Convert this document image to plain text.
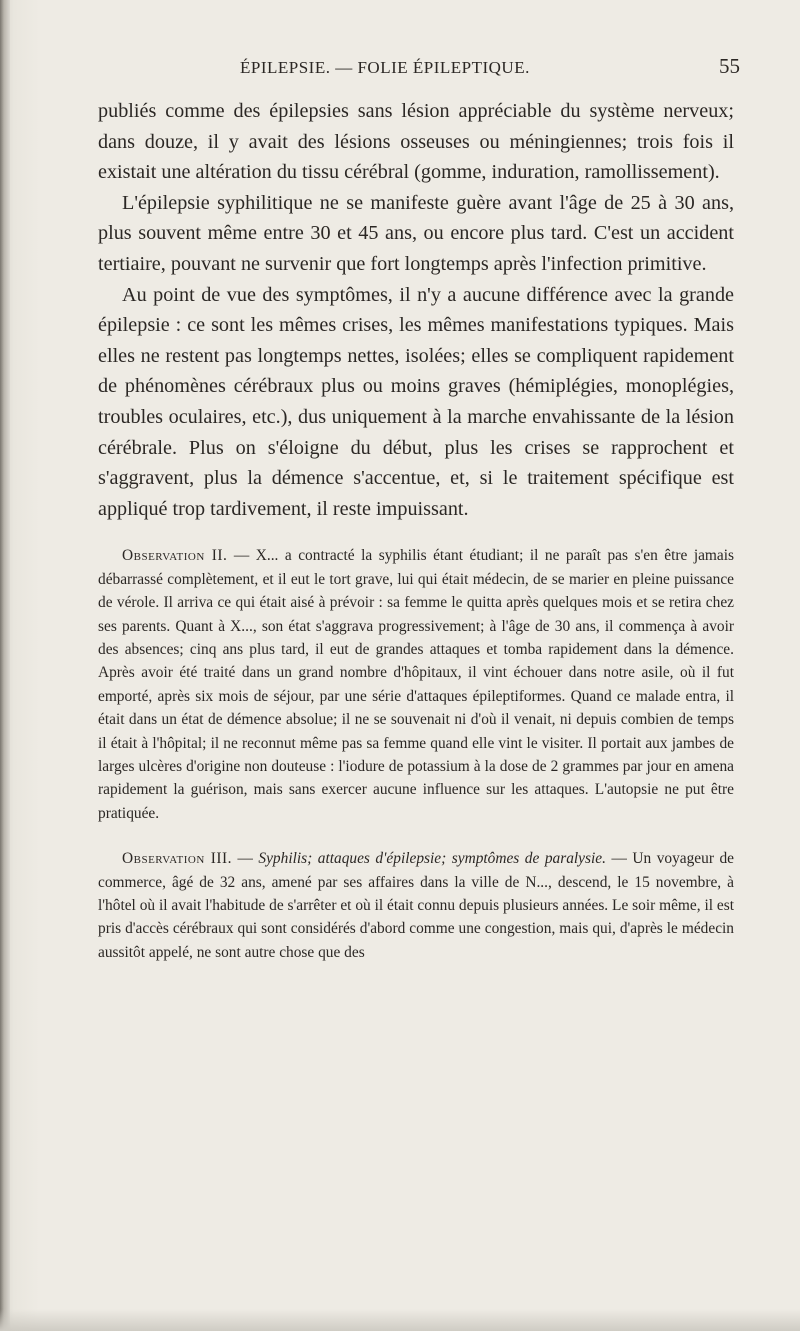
ÉPILEPSIE. — FOLIE ÉPILEPTIQUE.	55

publiés comme des épilepsies sans lésion appréciable du système nerveux; dans douze, il y avait des lésions osseuses ou méningiennes; trois fois il existait une altération du tissu cérébral (gomme, induration, ramollissement).

L'épilepsie syphilitique ne se manifeste guère avant l'âge de 25 à 30 ans, plus souvent même entre 30 et 45 ans, ou encore plus tard. C'est un accident tertiaire, pouvant ne survenir que fort longtemps après l'infection primitive.

Au point de vue des symptômes, il n'y a aucune différence avec la grande épilepsie : ce sont les mêmes crises, les mêmes manifestations typiques. Mais elles ne restent pas longtemps nettes, isolées; elles se compliquent rapidement de phénomènes cérébraux plus ou moins graves (hémiplégies, monoplégies, troubles oculaires, etc.), dus uniquement à la marche envahissante de la lésion cérébrale. Plus on s'éloigne du début, plus les crises se rapprochent et s'aggravent, plus la démence s'accentue, et, si le traitement spécifique est appliqué trop tardivement, il reste impuissant.

Observation II. — X... a contracté la syphilis étant étudiant; il ne paraît pas s'en être jamais débarrassé complètement, et il eut le tort grave, lui qui était médecin, de se marier en pleine puissance de vérole. Il arriva ce qui était aisé à prévoir : sa femme le quitta après quelques mois et se retira chez ses parents. Quant à X..., son état s'aggrava progressivement; à l'âge de 30 ans, il commença à avoir des absences; cinq ans plus tard, il eut de grandes attaques et tomba rapidement dans la démence. Après avoir été traité dans un grand nombre d'hôpitaux, il vint échouer dans notre asile, où il fut emporté, après six mois de séjour, par une série d'attaques épileptiformes. Quand ce malade entra, il était dans un état de démence absolue; il ne se souvenait ni d'où il venait, ni depuis combien de temps il était à l'hôpital; il ne reconnut même pas sa femme quand elle vint le visiter. Il portait aux jambes de larges ulcères d'origine non douteuse : l'iodure de potassium à la dose de 2 grammes par jour en amena rapidement la guérison, mais sans exercer aucune influence sur les attaques. L'autopsie ne put être pratiquée.

Observation III. — Syphilis; attaques d'épilepsie; symptômes de paralysie. — Un voyageur de commerce, âgé de 32 ans, amené par ses affaires dans la ville de N..., descend, le 15 novembre, à l'hôtel où il avait l'habitude de s'arrêter et où il était connu depuis plusieurs années. Le soir même, il est pris d'accès cérébraux qui sont considérés d'abord comme une congestion, mais qui, d'après le médecin aussitôt appelé, ne sont autre chose que des
